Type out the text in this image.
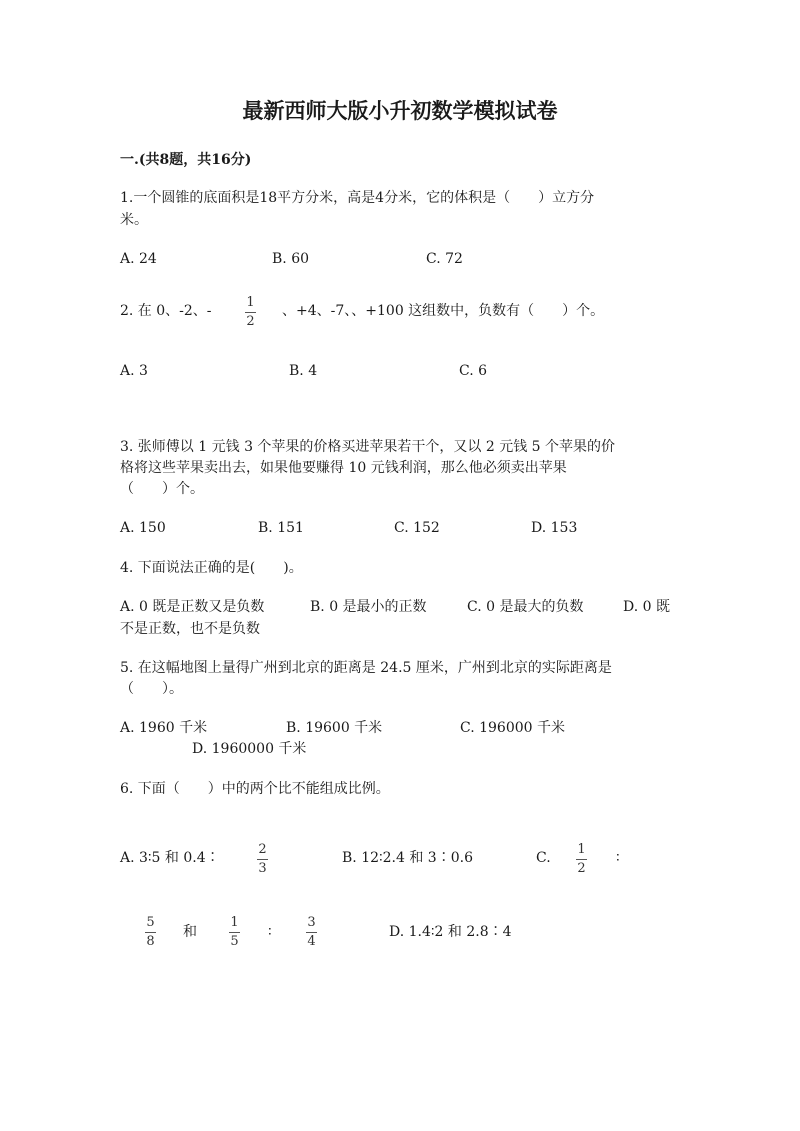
最新西师大版小升初数学模拟试卷
一.(共8题，共16分)
1.一个圆锥的底面积是18平方分米，高是4分米，它的体积是（　　）立方分
米。
A. 24	B. 60	C. 72
2. 在 0、-2、-
1
2
、+4、-7、、+100 这组数中，负数有（　　）个。
A. 3	B. 4	C. 6
3. 张师傅以 1 元钱 3 个苹果的价格买进苹果若干个，又以 2 元钱 5 个苹果的价
格将这些苹果卖出去，如果他要赚得 10 元钱利润，那么他必须卖出苹果
（　　）个。
A. 150	B. 151	C. 152	D. 153
4. 下面说法正确的是(　　)。
A. 0 既是正数又是负数	B. 0 是最小的正数	C. 0 是最大的负数	D. 0 既
不是正数，也不是负数
5. 在这幅地图上量得广州到北京的距离是 24.5 厘米，广州到北京的实际距离是
（　　）。
A. 1960 千米	B. 19600 千米	C. 196000 千米
D. 1960000 千米
6. 下面（　　）中的两个比不能组成比例。
A. 3∶5 和 0.4∶
2
3
B. 12∶2.4 和 3∶0.6	C.
1
2
∶
5
8
和
1
5
∶
3
4
D. 1.4∶2 和 2.8∶4
